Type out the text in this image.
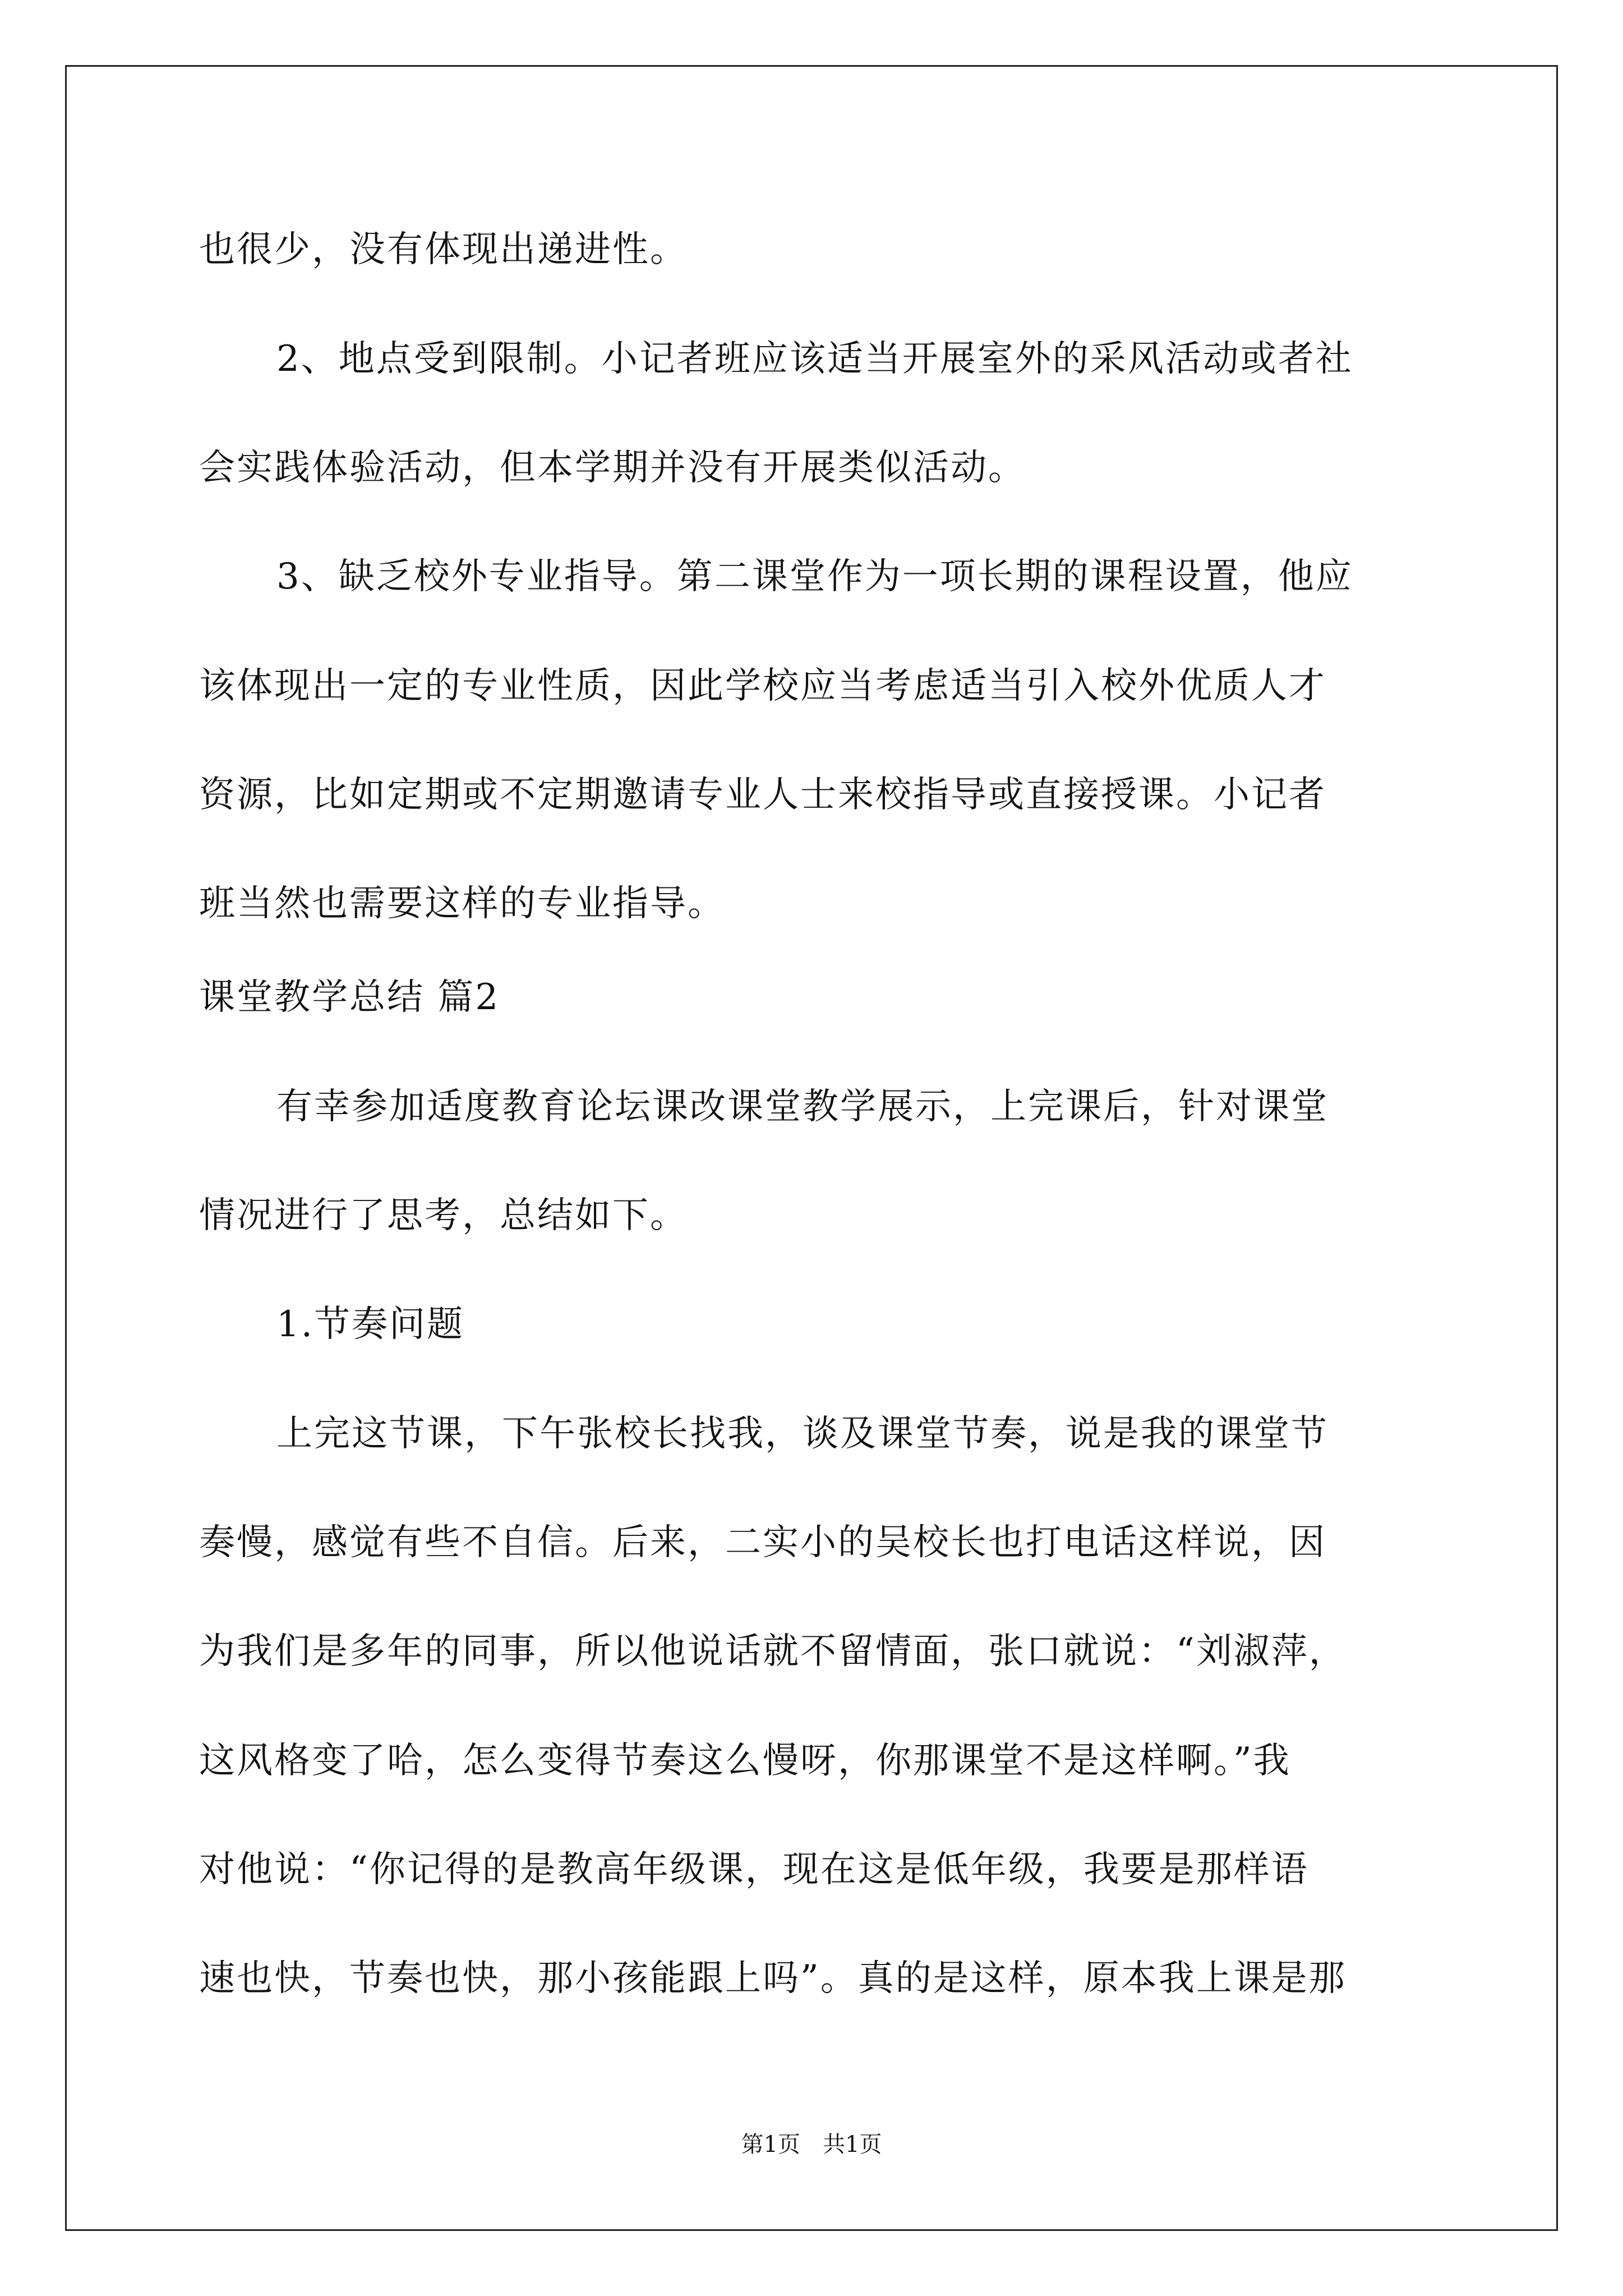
也很少，没有体现出递进性。
2、地点受到限制。小记者班应该适当开展室外的采风活动或者社
会实践体验活动，但本学期并没有开展类似活动。
3、缺乏校外专业指导。第二课堂作为一项长期的课程设置，他应
该体现出一定的专业性质，因此学校应当考虑适当引入校外优质人才
资源，比如定期或不定期邀请专业人士来校指导或直接授课。小记者
班当然也需要这样的专业指导。
课堂教学总结 篇2
有幸参加适度教育论坛课改课堂教学展示，上完课后，针对课堂
情况进行了思考，总结如下。
1.节奏问题
上完这节课，下午张校长找我，谈及课堂节奏，说是我的课堂节
奏慢，感觉有些不自信。后来，二实小的吴校长也打电话这样说，因
为我们是多年的同事，所以他说话就不留情面，张口就说：“刘淑萍，
这风格变了哈，怎么变得节奏这么慢呀，你那课堂不是这样啊。”我
对他说：“你记得的是教高年级课，现在这是低年级，我要是那样语
速也快，节奏也快，那小孩能跟上吗”。真的是这样，原本我上课是那
第1页 共1页
